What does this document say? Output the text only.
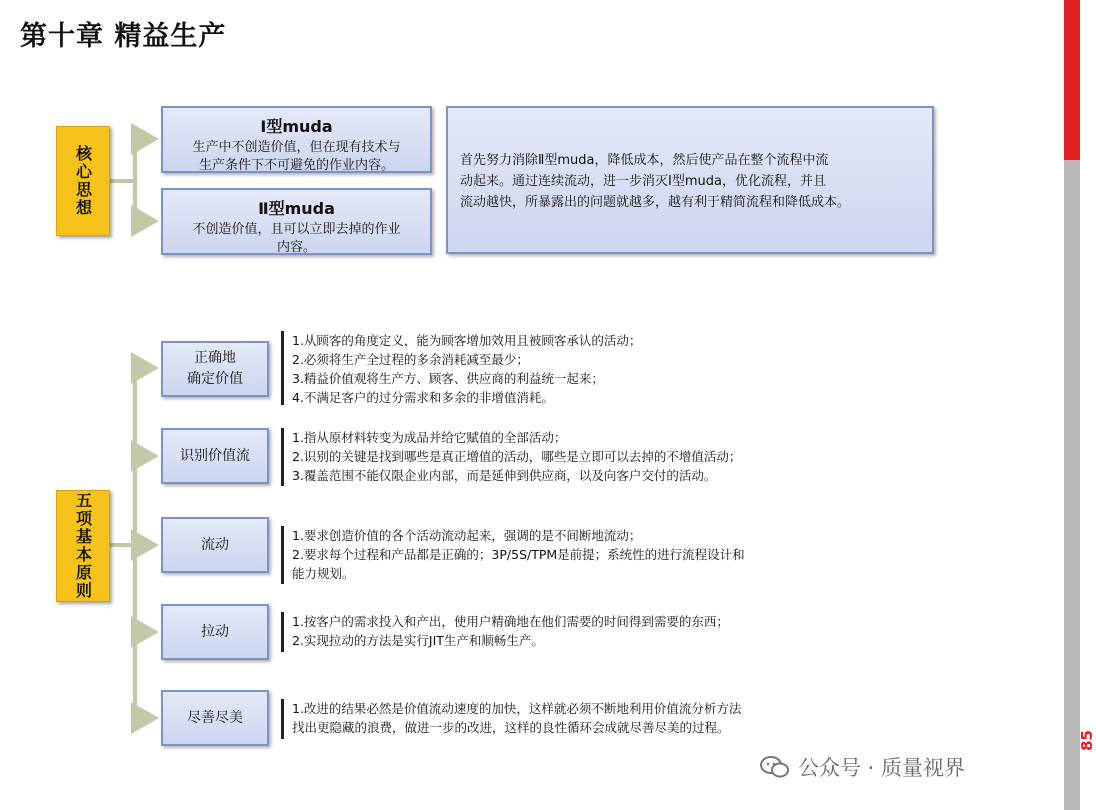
第十章 精益生产
85
核心思想
Ⅰ型muda
生产中不创造价值，但在现有技术与
生产条件下不可避免的作业内容。
Ⅱ型muda
不创造价值，且可以立即去掉的作业
内容。
首先努力消除Ⅱ型muda，降低成本，然后使产品在整个流程中流
动起来。通过连续流动，进一步消灭Ⅰ型muda，优化流程，并且
流动越快，所暴露出的问题就越多，越有利于精简流程和降低成本。
五项基本原则
正确地
确定价值
1.从顾客的角度定义，能为顾客增加效用且被顾客承认的活动；
2.必须将生产全过程的多余消耗减至最少；
3.精益价值观将生产方、顾客、供应商的利益统一起来；
4.不满足客户的过分需求和多余的非增值消耗。
识别价值流
1.指从原材料转变为成品并给它赋值的全部活动；
2.识别的关键是找到哪些是真正增值的活动，哪些是立即可以去掉的不增值活动；
3.覆盖范围不能仅限企业内部，而是延伸到供应商，以及向客户交付的活动。
流动
1.要求创造价值的各个活动流动起来，强调的是不间断地流动；
2.要求每个过程和产品都是正确的；3P/5S/TPM是前提；系统性的进行流程设计和
能力规划。
拉动
1.按客户的需求投入和产出，使用户精确地在他们需要的时间得到需要的东西；
2.实现拉动的方法是实行JIT生产和顺畅生产。
尽善尽美
1.改进的结果必然是价值流动速度的加快，这样就必须不断地利用价值流分析方法
找出更隐藏的浪费，做进一步的改进，这样的良性循环会成就尽善尽美的过程。
公众号 · 质量视界
